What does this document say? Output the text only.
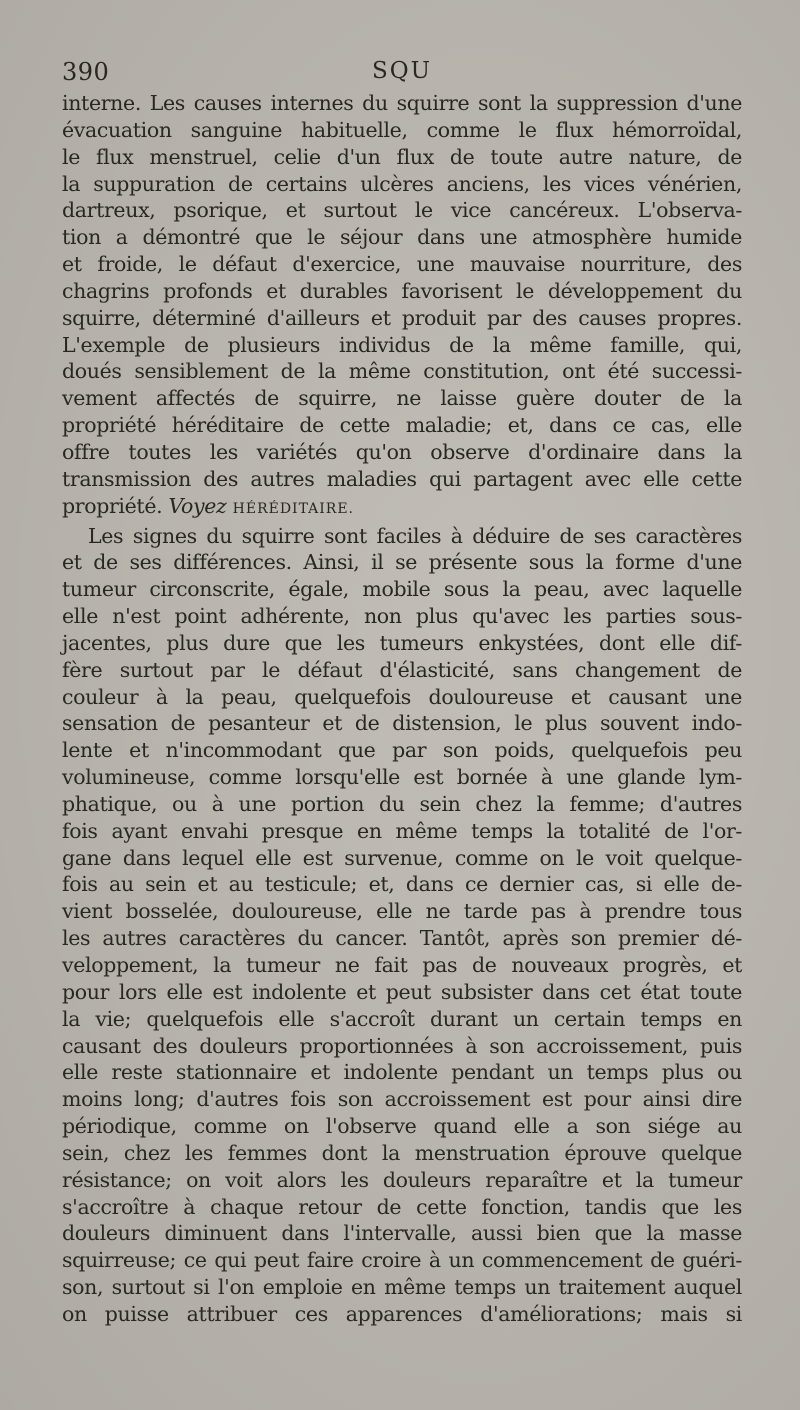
390	SQU
interne. Les causes internes du squirre sont la suppression d'une
évacuation sanguine habituelle, comme le flux hémorroïdal,
le flux menstruel, celie d'un flux de toute autre nature, de
la suppuration de certains ulcères anciens, les vices vénérien,
dartreux, psorique, et surtout le vice cancéreux. L'observa-
tion a démontré que le séjour dans une atmosphère humide
et froide, le défaut d'exercice, une mauvaise nourriture, des
chagrins profonds et durables favorisent le développement du
squirre, déterminé d'ailleurs et produit par des causes propres.
L'exemple de plusieurs individus de la même famille, qui,
doués sensiblement de la même constitution, ont été successi-
vement affectés de squirre, ne laisse guère douter de la
propriété héréditaire de cette maladie; et, dans ce cas, elle
offre toutes les variétés qu'on observe d'ordinaire dans la
transmission des autres maladies qui partagent avec elle cette
propriété. Voyez HÉRÉDITAIRE.
Les signes du squirre sont faciles à déduire de ses caractères
et de ses différences. Ainsi, il se présente sous la forme d'une
tumeur circonscrite, égale, mobile sous la peau, avec laquelle
elle n'est point adhérente, non plus qu'avec les parties sous-
jacentes, plus dure que les tumeurs enkystées, dont elle dif-
fère surtout par le défaut d'élasticité, sans changement de
couleur à la peau, quelquefois douloureuse et causant une
sensation de pesanteur et de distension, le plus souvent indo-
lente et n'incommodant que par son poids, quelquefois peu
volumineuse, comme lorsqu'elle est bornée à une glande lym-
phatique, ou à une portion du sein chez la femme; d'autres
fois ayant envahi presque en même temps la totalité de l'or-
gane dans lequel elle est survenue, comme on le voit quelque-
fois au sein et au testicule; et, dans ce dernier cas, si elle de-
vient bosselée, douloureuse, elle ne tarde pas à prendre tous
les autres caractères du cancer. Tantôt, après son premier dé-
veloppement, la tumeur ne fait pas de nouveaux progrès, et
pour lors elle est indolente et peut subsister dans cet état toute
la vie; quelquefois elle s'accroît durant un certain temps en
causant des douleurs proportionnées à son accroissement, puis
elle reste stationnaire et indolente pendant un temps plus ou
moins long; d'autres fois son accroissement est pour ainsi dire
périodique, comme on l'observe quand elle a son siége au
sein, chez les femmes dont la menstruation éprouve quelque
résistance; on voit alors les douleurs reparaître et la tumeur
s'accroître à chaque retour de cette fonction, tandis que les
douleurs diminuent dans l'intervalle, aussi bien que la masse
squirreuse; ce qui peut faire croire à un commencement de guéri-
son, surtout si l'on emploie en même temps un traitement auquel
on puisse attribuer ces apparences d'améliorations; mais si
